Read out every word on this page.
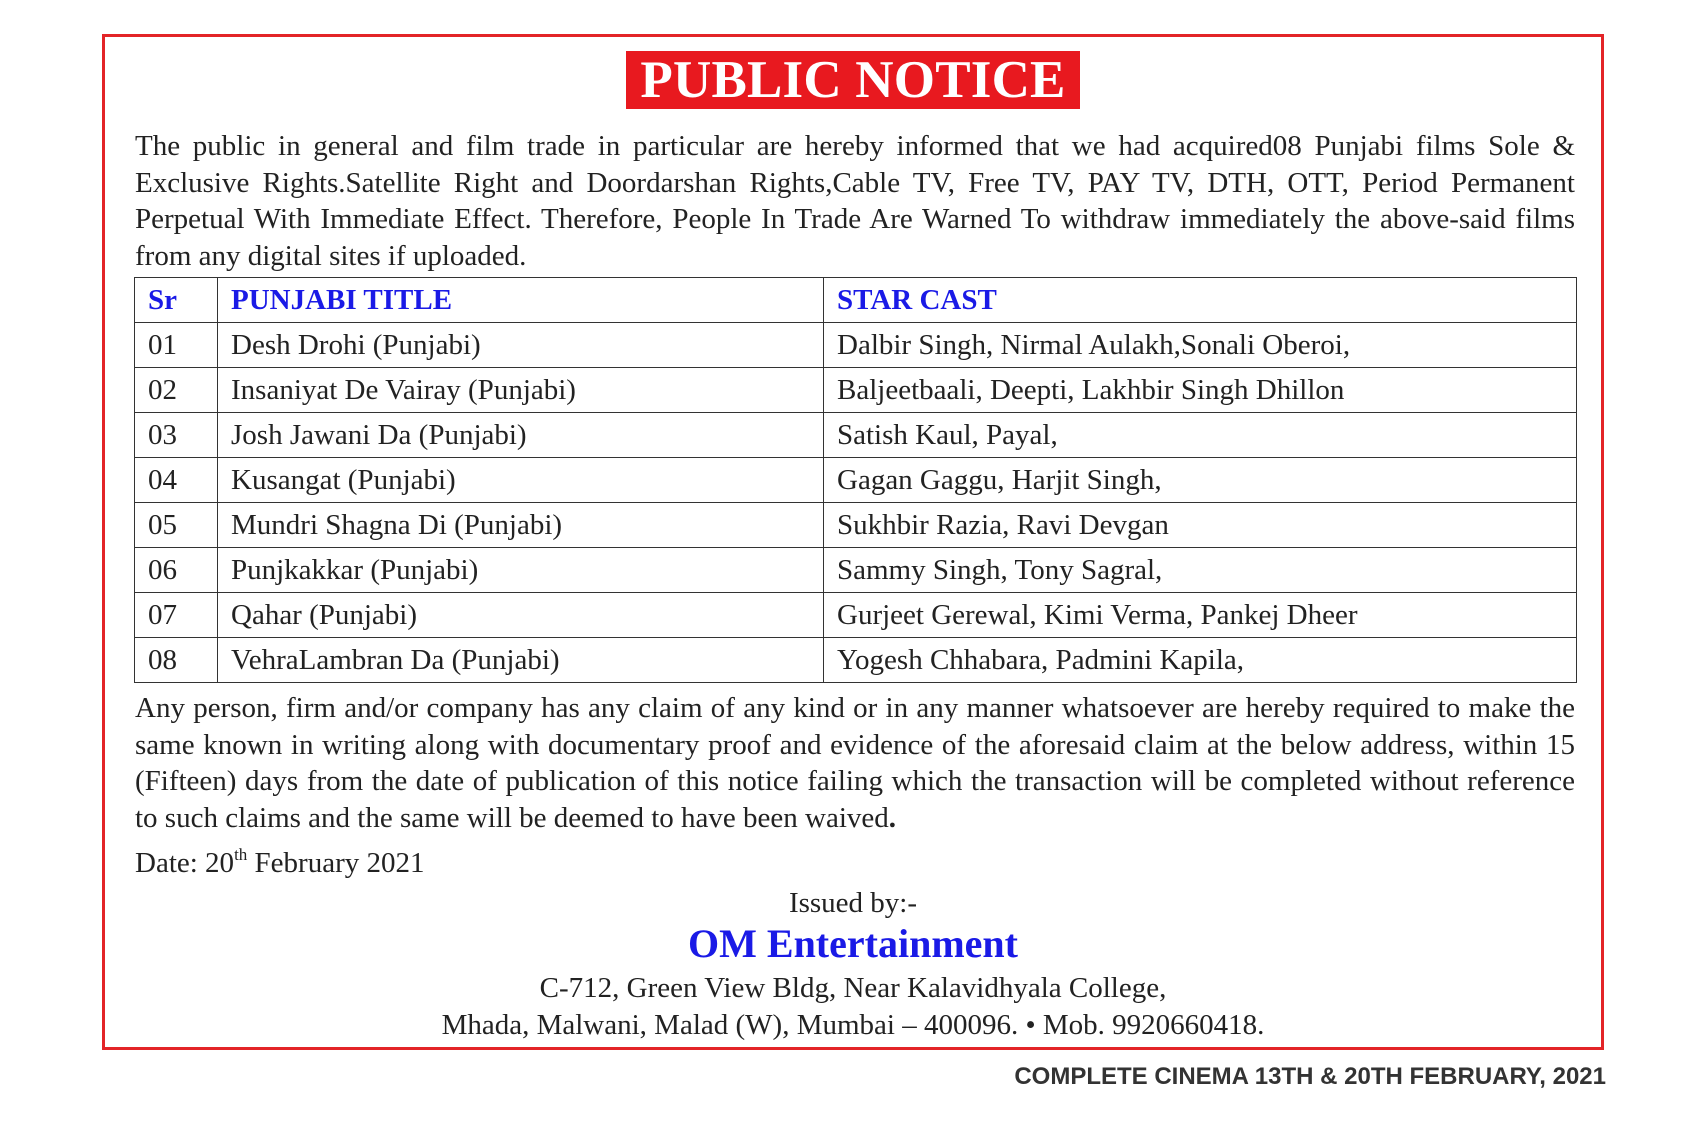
PUBLIC NOTICE

The public in general and film trade in particular are hereby informed that we had acquired08 Punjabi films Sole & Exclusive Rights.Satellite Right and Doordarshan Rights,Cable TV, Free TV, PAY TV, DTH, OTT, Period Permanent Perpetual With Immediate Effect. Therefore, People In Trade Are Warned To withdraw immediately the above-said films from any digital sites if uploaded.

Sr	PUNJABI TITLE	STAR CAST
01	Desh Drohi (Punjabi)	Dalbir Singh, Nirmal Aulakh,Sonali Oberoi,
02	Insaniyat De Vairay (Punjabi)	Baljeetbaali, Deepti, Lakhbir Singh Dhillon
03	Josh Jawani Da (Punjabi)	Satish Kaul, Payal,
04	Kusangat (Punjabi)	Gagan Gaggu, Harjit Singh,
05	Mundri Shagna Di (Punjabi)	Sukhbir Razia, Ravi Devgan
06	Punjkakkar (Punjabi)	Sammy Singh, Tony Sagral,
07	Qahar (Punjabi)	Gurjeet Gerewal, Kimi Verma, Pankej Dheer
08	VehraLambran Da (Punjabi)	Yogesh Chhabara, Padmini Kapila,

Any person, firm and/or company has any claim of any kind or in any manner whatsoever are hereby required to make the same known in writing along with documentary proof and evidence of the aforesaid claim at the below address, within 15 (Fifteen) days from the date of publication of this notice failing which the transaction will be completed without reference to such claims and the same will be deemed to have been waived.

Date: 20th February 2021
Issued by:-
OM Entertainment
C-712, Green View Bldg, Near Kalavidhyala College,
Mhada, Malwani, Malad (W), Mumbai – 400096. • Mob. 9920660418.
COMPLETE CINEMA 13TH & 20TH FEBRUARY, 2021
